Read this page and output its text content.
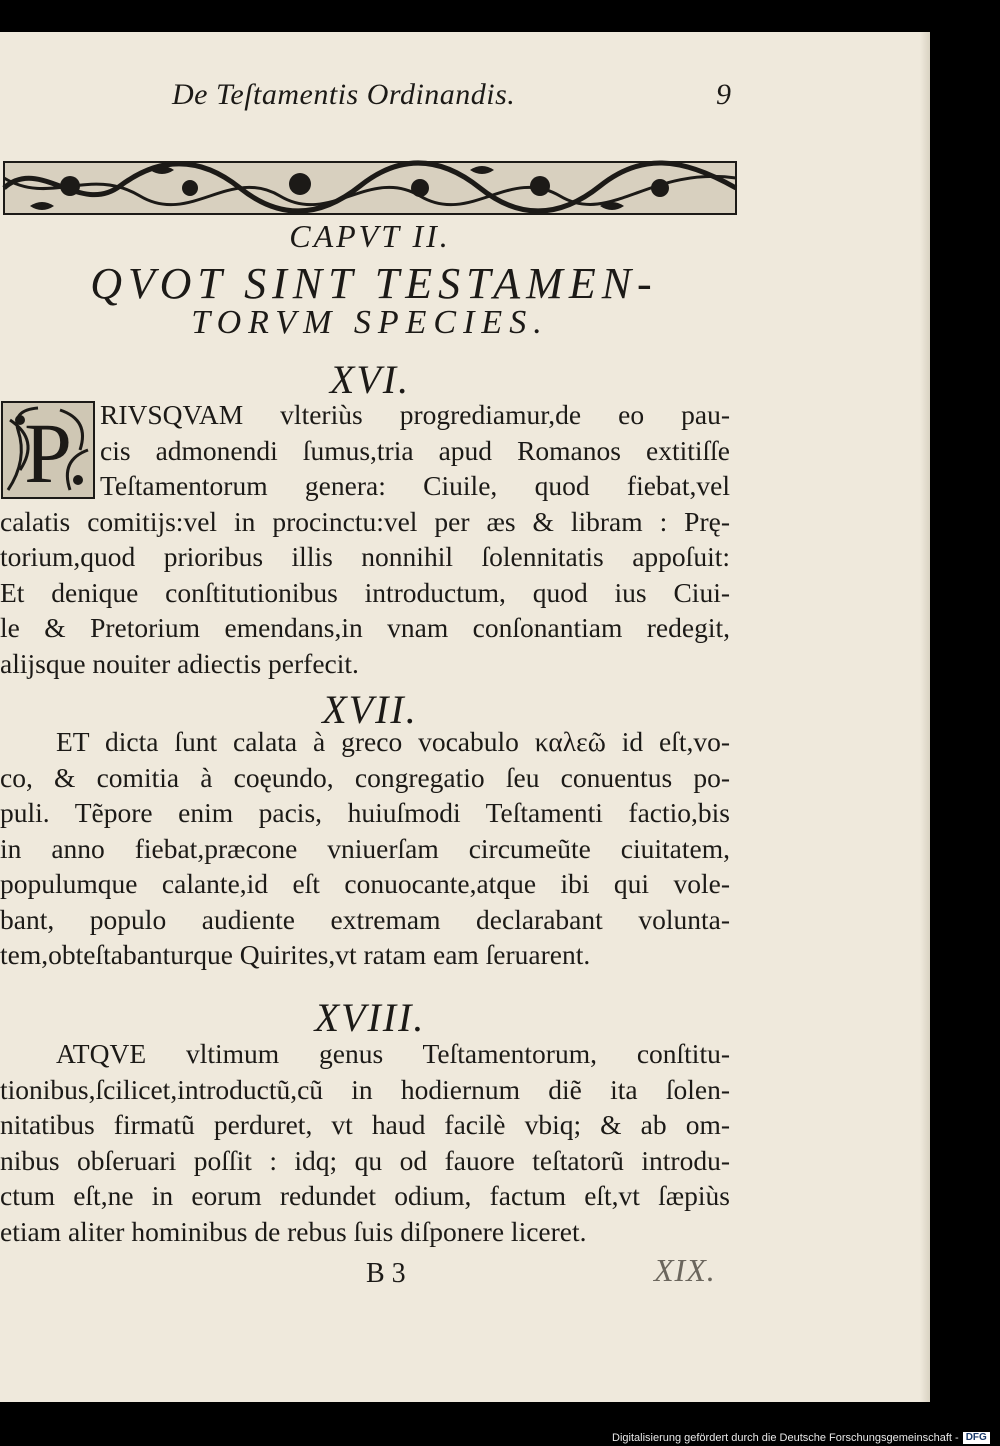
De Teſtamentis Ordinandis.	9
CAPVT II.
QVOT SINT TESTAMEN-
TORVM SPECIES.
XVI.
P	RIVSQVAM vlteriùs progrediamur,de eo pau-
cis admonendi ſumus,tria apud Romanos extitiſſe
Teſtamentorum genera: Ciuile, quod fiebat,vel
calatis comitijs:vel in procinctu:vel per æs & libram : Prę-
torium,quod prioribus illis nonnihil ſolennitatis appoſuit:
Et denique conſtitutionibus introductum, quod ius Ciui-
le & Pretorium emendans,in vnam conſonantiam redegit,
alijsque nouiter adiectis perfecit.
XVII.
ET dicta ſunt calata à greco vocabulo καλεῶ id eſt,vo-
co, & comitia à coęundo, congregatio ſeu conuentus po-
puli. Tẽpore enim pacis, huiuſmodi Teſtamenti factio,bis
in anno fiebat,præcone vniuerſam circumeũte ciuitatem,
populumque calante,id eſt conuocante,atque ibi qui vole-
bant, populo audiente extremam declarabant volunta-
tem,obteſtabanturque Quirites,vt ratam eam ſeruarent.
XVIII.
ATQVE vltimum genus Teſtamentorum, conſtitu-
tionibus,ſcilicet,introductũ,cũ in hodiernum diẽ ita ſolen-
nitatibus firmatũ perduret, vt haud facilè vbiq; & ab om-
nibus obſeruari poſſit : idq; qu od fauore teſtatorũ introdu-
ctum eſt,ne in eorum redundet odium, factum eſt,vt ſæpiùs
etiam aliter hominibus de rebus ſuis diſponere liceret.
B 3	XIX.
Digitalisierung gefördert durch die Deutsche Forschungsgemeinschaft - DFG
